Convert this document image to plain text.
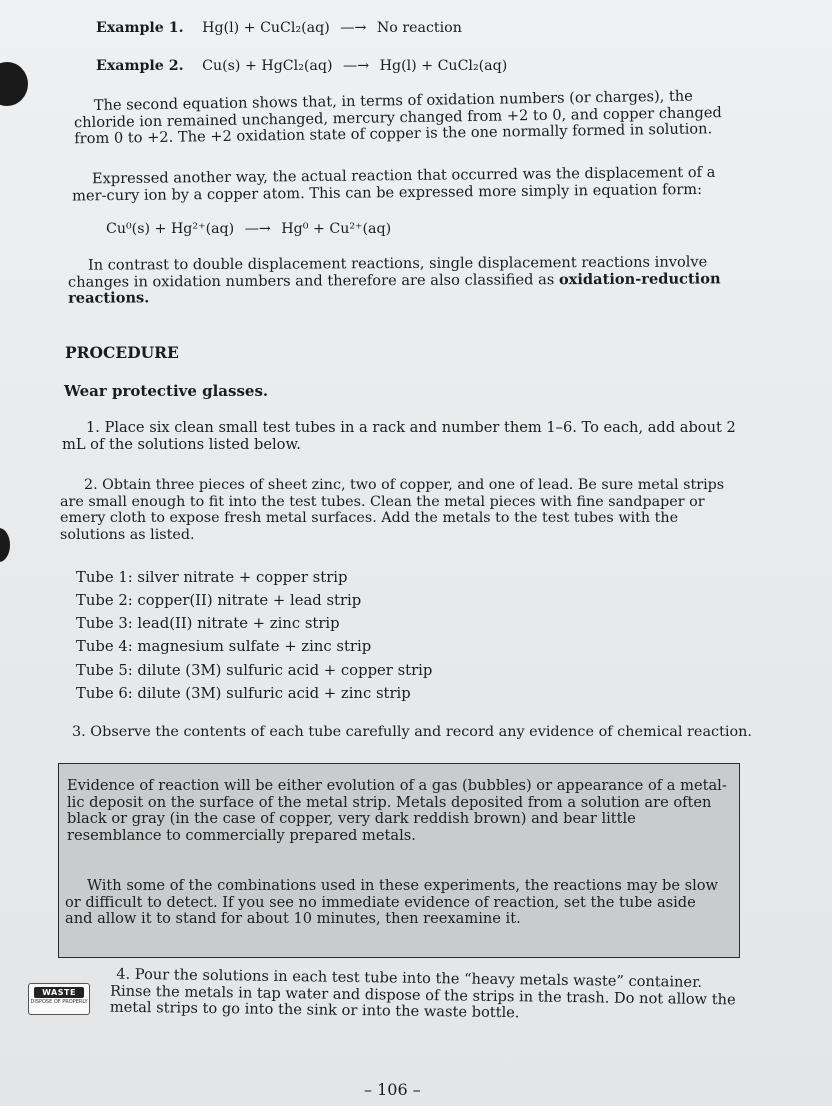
Example 1. Hg(l) + CuCl₂(aq) —→ No reaction
Example 2. Cu(s) + HgCl₂(aq) —→ Hg(l) + CuCl₂(aq)

The second equation shows that, in terms of oxidation numbers (or charges), the chloride ion remained unchanged, mercury changed from +2 to 0, and copper changed from 0 to +2. The +2 oxidation state of copper is the one normally formed in solution.

Expressed another way, the actual reaction that occurred was the displacement of a mer-cury ion by a copper atom. This can be expressed more simply in equation form:

Cu⁰(s) + Hg²⁺(aq) —→ Hg⁰ + Cu²⁺(aq)

In contrast to double displacement reactions, single displacement reactions involve changes in oxidation numbers and therefore are also classified as oxidation-reduction reactions.

PROCEDURE
Wear protective glasses.

1. Place six clean small test tubes in a rack and number them 1–6. To each, add about 2 mL of the solutions listed below.

2. Obtain three pieces of sheet zinc, two of copper, and one of lead. Be sure metal strips are small enough to fit into the test tubes. Clean the metal pieces with fine sandpaper or emery cloth to expose fresh metal surfaces. Add the metals to the test tubes with the solutions as listed.

Tube 1: silver nitrate + copper strip
Tube 2: copper(II) nitrate + lead strip
Tube 3: lead(II) nitrate + zinc strip
Tube 4: magnesium sulfate + zinc strip
Tube 5: dilute (3M) sulfuric acid + copper strip
Tube 6: dilute (3M) sulfuric acid + zinc strip

3. Observe the contents of each tube carefully and record any evidence of chemical reaction.

Evidence of reaction will be either evolution of a gas (bubbles) or appearance of a metal-lic deposit on the surface of the metal strip. Metals deposited from a solution are often black or gray (in the case of copper, very dark reddish brown) and bear little resemblance to commercially prepared metals.

With some of the combinations used in these experiments, the reactions may be slow or difficult to detect. If you see no immediate evidence of reaction, set the tube aside and allow it to stand for about 10 minutes, then reexamine it.

WASTE
DISPOSE OF PROPERLY

4. Pour the solutions in each test tube into the “heavy metals waste” container. Rinse the metals in tap water and dispose of the strips in the trash. Do not allow the metal strips to go into the sink or into the waste bottle.

– 106 –
